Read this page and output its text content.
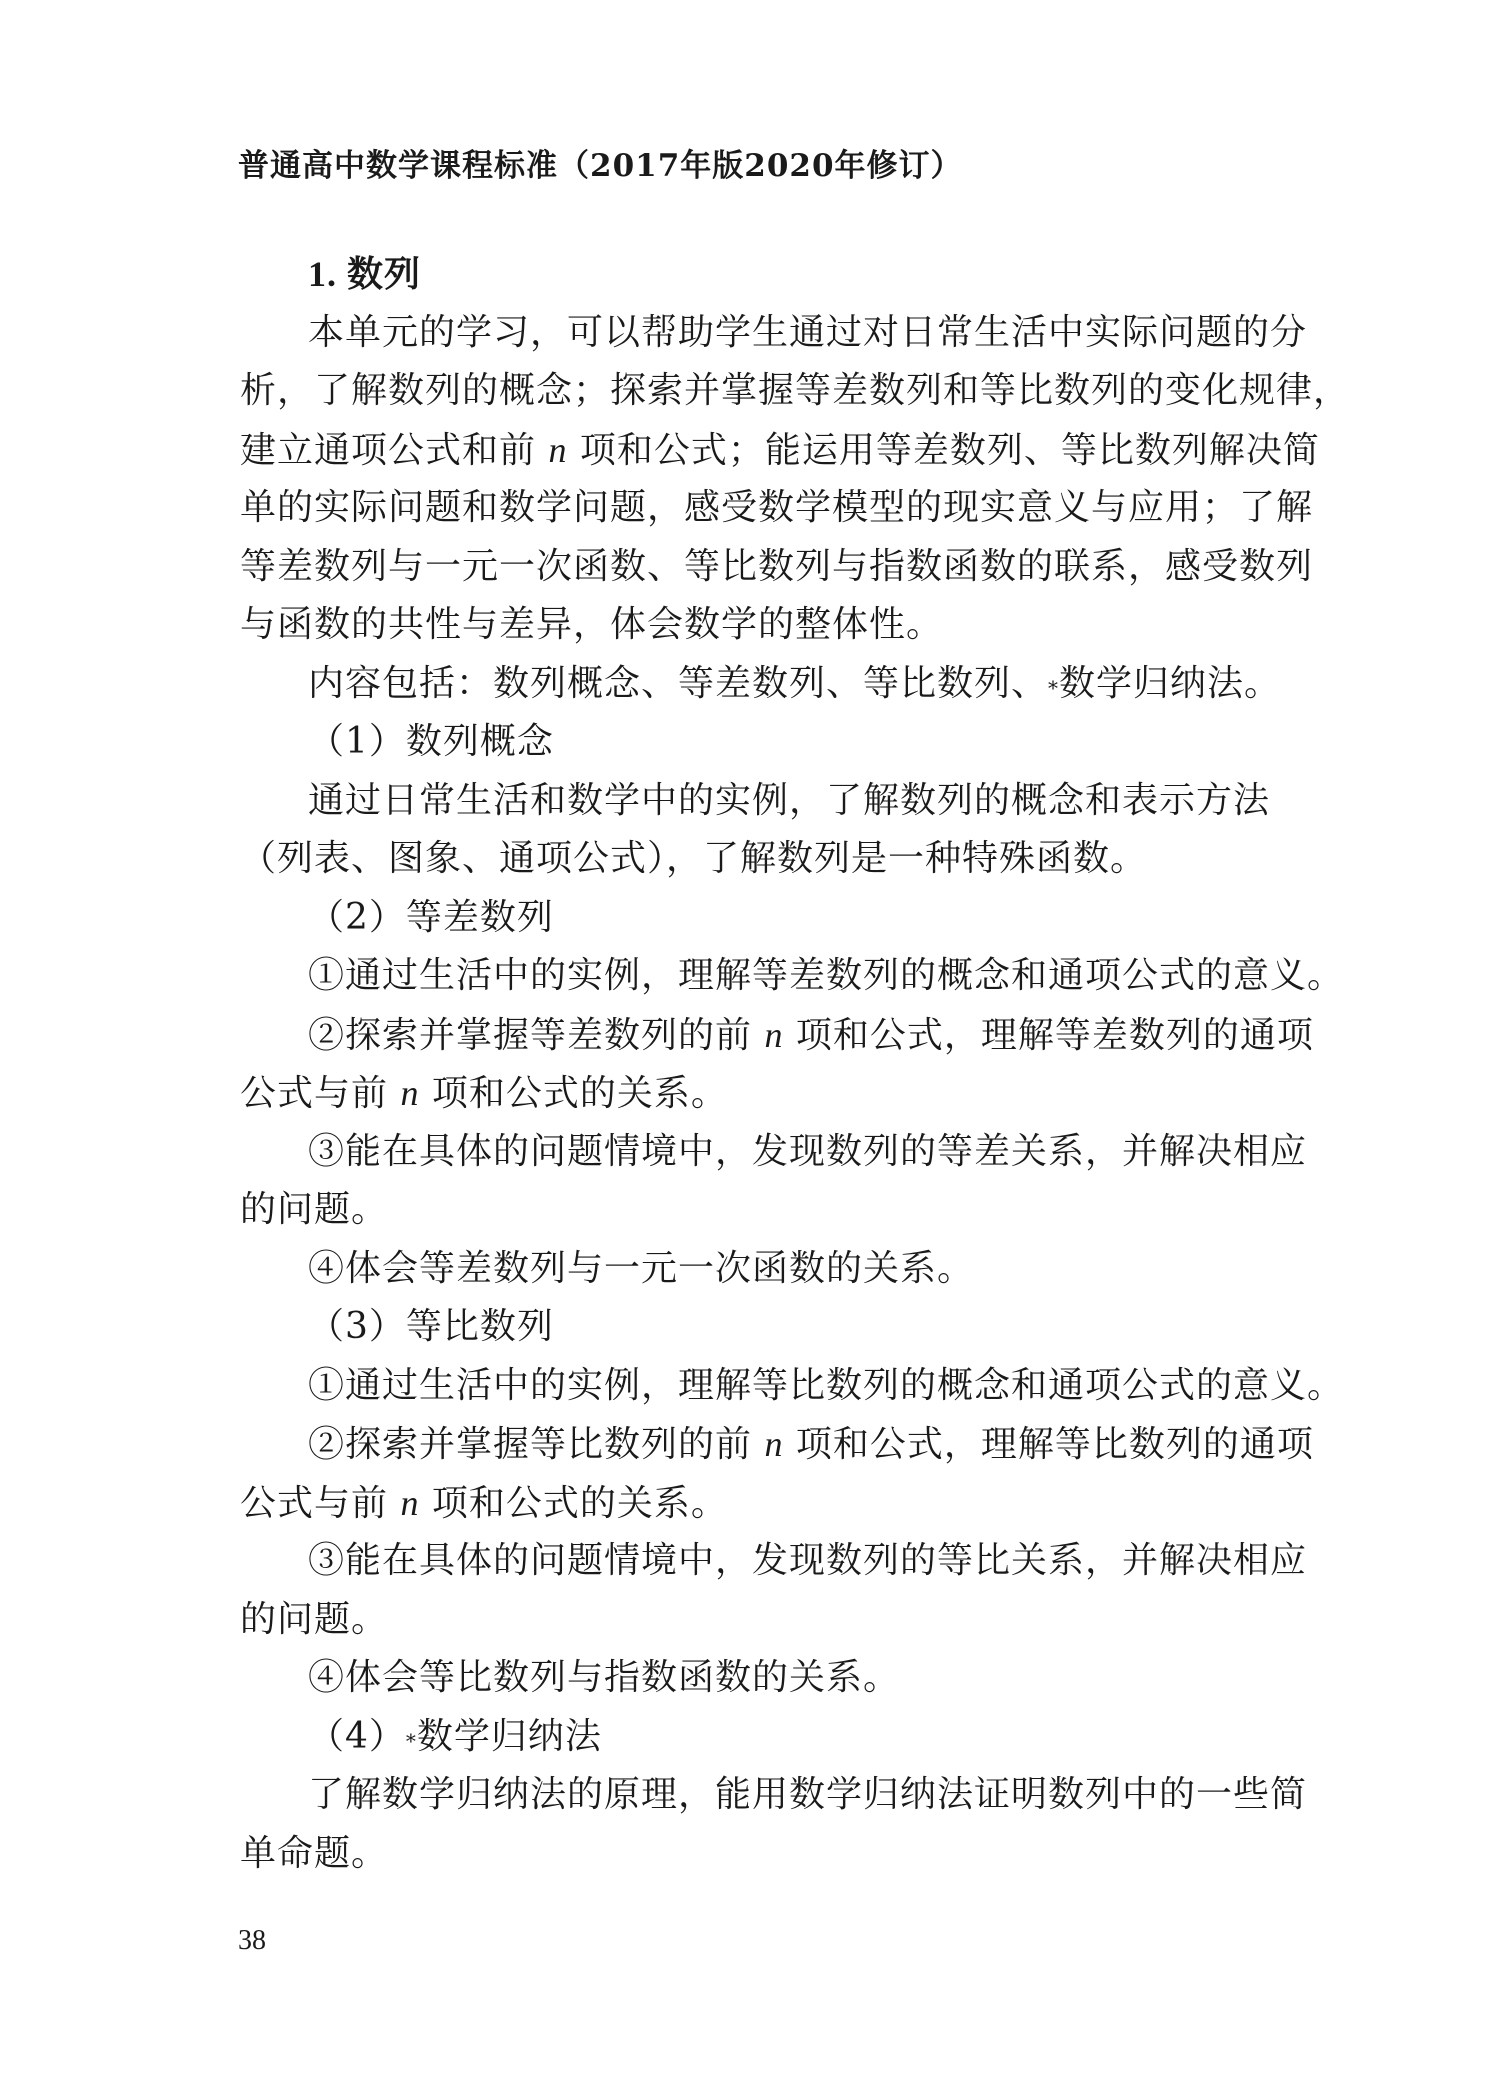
普通高中数学课程标准（2017年版2020年修订）
1. 数列
本单元的学习，可以帮助学生通过对日常生活中实际问题的分
析，了解数列的概念；探索并掌握等差数列和等比数列的变化规律，
建立通项公式和前 n 项和公式；能运用等差数列、等比数列解决简
单的实际问题和数学问题，感受数学模型的现实意义与应用；了解
等差数列与一元一次函数、等比数列与指数函数的联系，感受数列
与函数的共性与差异，体会数学的整体性。
内容包括：数列概念、等差数列、等比数列、*数学归纳法。
（1）数列概念
通过日常生活和数学中的实例，了解数列的概念和表示方法
（列表、图象、通项公式），了解数列是一种特殊函数。
（2）等差数列
①通过生活中的实例，理解等差数列的概念和通项公式的意义。
②探索并掌握等差数列的前 n 项和公式，理解等差数列的通项
公式与前 n 项和公式的关系。
③能在具体的问题情境中，发现数列的等差关系，并解决相应
的问题。
④体会等差数列与一元一次函数的关系。
（3）等比数列
①通过生活中的实例，理解等比数列的概念和通项公式的意义。
②探索并掌握等比数列的前 n 项和公式，理解等比数列的通项
公式与前 n 项和公式的关系。
③能在具体的问题情境中，发现数列的等比关系，并解决相应
的问题。
④体会等比数列与指数函数的关系。
（4）*数学归纳法
了解数学归纳法的原理，能用数学归纳法证明数列中的一些简
单命题。
38
